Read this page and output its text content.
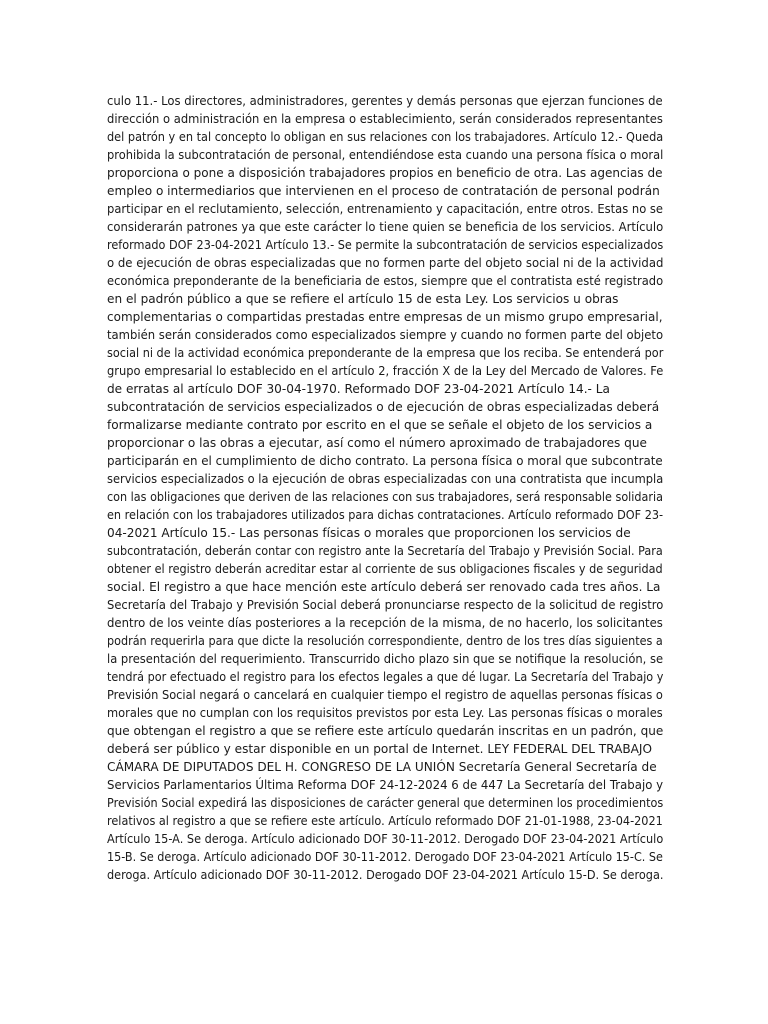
culo 11.- Los directores, administradores, gerentes y demás personas que ejerzan funciones de
dirección o administración en la empresa o establecimiento, serán considerados representantes
del patrón y en tal concepto lo obligan en sus relaciones con los trabajadores. Artículo 12.- Queda
prohibida la subcontratación de personal, entendiéndose esta cuando una persona física o moral
proporciona o pone a disposición trabajadores propios en beneficio de otra. Las agencias de
empleo o intermediarios que intervienen en el proceso de contratación de personal podrán
participar en el reclutamiento, selección, entrenamiento y capacitación, entre otros. Estas no se
considerarán patrones ya que este carácter lo tiene quien se beneficia de los servicios. Artículo
reformado DOF 23-04-2021 Artículo 13.- Se permite la subcontratación de servicios especializados
o de ejecución de obras especializadas que no formen parte del objeto social ni de la actividad
económica preponderante de la beneficiaria de estos, siempre que el contratista esté registrado
en el padrón público a que se refiere el artículo 15 de esta Ley. Los servicios u obras
complementarias o compartidas prestadas entre empresas de un mismo grupo empresarial,
también serán considerados como especializados siempre y cuando no formen parte del objeto
social ni de la actividad económica preponderante de la empresa que los reciba. Se entenderá por
grupo empresarial lo establecido en el artículo 2, fracción X de la Ley del Mercado de Valores. Fe
de erratas al artículo DOF 30-04-1970. Reformado DOF 23-04-2021 Artículo 14.- La
subcontratación de servicios especializados o de ejecución de obras especializadas deberá
formalizarse mediante contrato por escrito en el que se señale el objeto de los servicios a
proporcionar o las obras a ejecutar, así como el número aproximado de trabajadores que
participarán en el cumplimiento de dicho contrato. La persona física o moral que subcontrate
servicios especializados o la ejecución de obras especializadas con una contratista que incumpla
con las obligaciones que deriven de las relaciones con sus trabajadores, será responsable solidaria
en relación con los trabajadores utilizados para dichas contrataciones. Artículo reformado DOF 23-
04-2021 Artículo 15.- Las personas físicas o morales que proporcionen los servicios de
subcontratación, deberán contar con registro ante la Secretaría del Trabajo y Previsión Social. Para
obtener el registro deberán acreditar estar al corriente de sus obligaciones fiscales y de seguridad
social. El registro a que hace mención este artículo deberá ser renovado cada tres años. La
Secretaría del Trabajo y Previsión Social deberá pronunciarse respecto de la solicitud de registro
dentro de los veinte días posteriores a la recepción de la misma, de no hacerlo, los solicitantes
podrán requerirla para que dicte la resolución correspondiente, dentro de los tres días siguientes a
la presentación del requerimiento. Transcurrido dicho plazo sin que se notifique la resolución, se
tendrá por efectuado el registro para los efectos legales a que dé lugar. La Secretaría del Trabajo y
Previsión Social negará o cancelará en cualquier tiempo el registro de aquellas personas físicas o
morales que no cumplan con los requisitos previstos por esta Ley. Las personas físicas o morales
que obtengan el registro a que se refiere este artículo quedarán inscritas en un padrón, que
deberá ser público y estar disponible en un portal de Internet. LEY FEDERAL DEL TRABAJO
CÁMARA DE DIPUTADOS DEL H. CONGRESO DE LA UNIÓN Secretaría General Secretaría de
Servicios Parlamentarios Última Reforma DOF 24-12-2024 6 de 447 La Secretaría del Trabajo y
Previsión Social expedirá las disposiciones de carácter general que determinen los procedimientos
relativos al registro a que se refiere este artículo. Artículo reformado DOF 21-01-1988, 23-04-2021
Artículo 15-A. Se deroga. Artículo adicionado DOF 30-11-2012. Derogado DOF 23-04-2021 Artículo
15-B. Se deroga. Artículo adicionado DOF 30-11-2012. Derogado DOF 23-04-2021 Artículo 15-C. Se
deroga. Artículo adicionado DOF 30-11-2012. Derogado DOF 23-04-2021 Artículo 15-D. Se deroga.
